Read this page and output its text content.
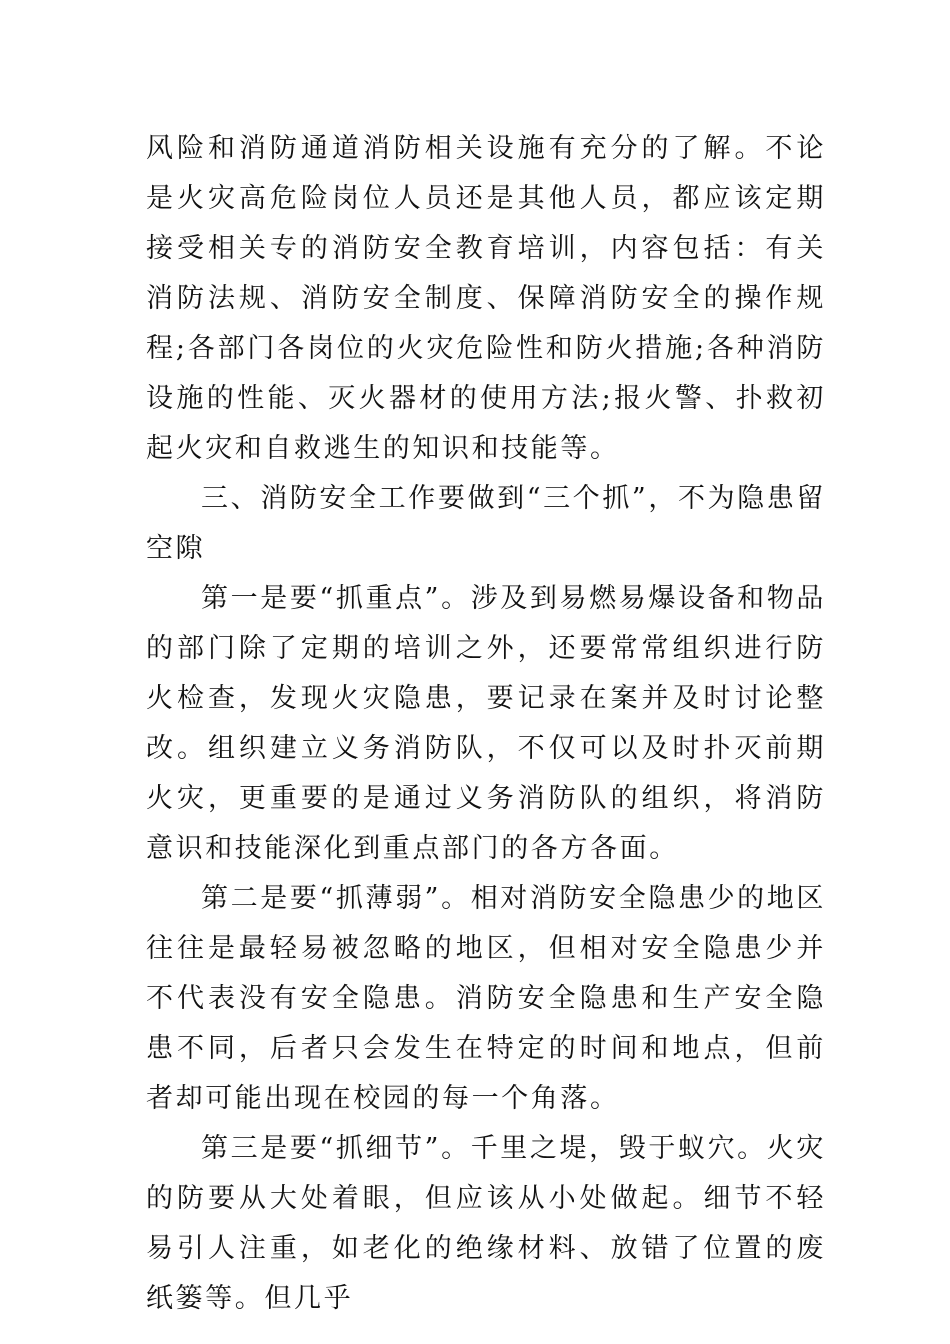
风险和消防通道消防相关设施有充分的了解。不论是火灾高危险岗位人员还是其他人员，都应该定期接受相关专的消防安全教育培训，内容包括：有关消防法规、消防安全制度、保障消防安全的操作规程;各部门各岗位的火灾危险性和防火措施;各种消防设施的性能、灭火器材的使用方法;报火警、扑救初起火灾和自救逃生的知识和技能等。

三、消防安全工作要做到“三个抓”，不为隐患留空隙

第一是要“抓重点”。涉及到易燃易爆设备和物品的部门除了定期的培训之外，还要常常组织进行防火检查，发现火灾隐患，要记录在案并及时讨论整改。组织建立义务消防队，不仅可以及时扑灭前期火灾，更重要的是通过义务消防队的组织，将消防意识和技能深化到重点部门的各方各面。

第二是要“抓薄弱”。相对消防安全隐患少的地区往往是最轻易被忽略的地区，但相对安全隐患少并不代表没有安全隐患。消防安全隐患和生产安全隐患不同，后者只会发生在特定的时间和地点，但前者却可能出现在校园的每一个角落。

第三是要“抓细节”。千里之堤，毁于蚁穴。火灾的防要从大处着眼，但应该从小处做起。细节不轻易引人注重，如老化的绝缘材料、放错了位置的废纸篓等。但几乎
